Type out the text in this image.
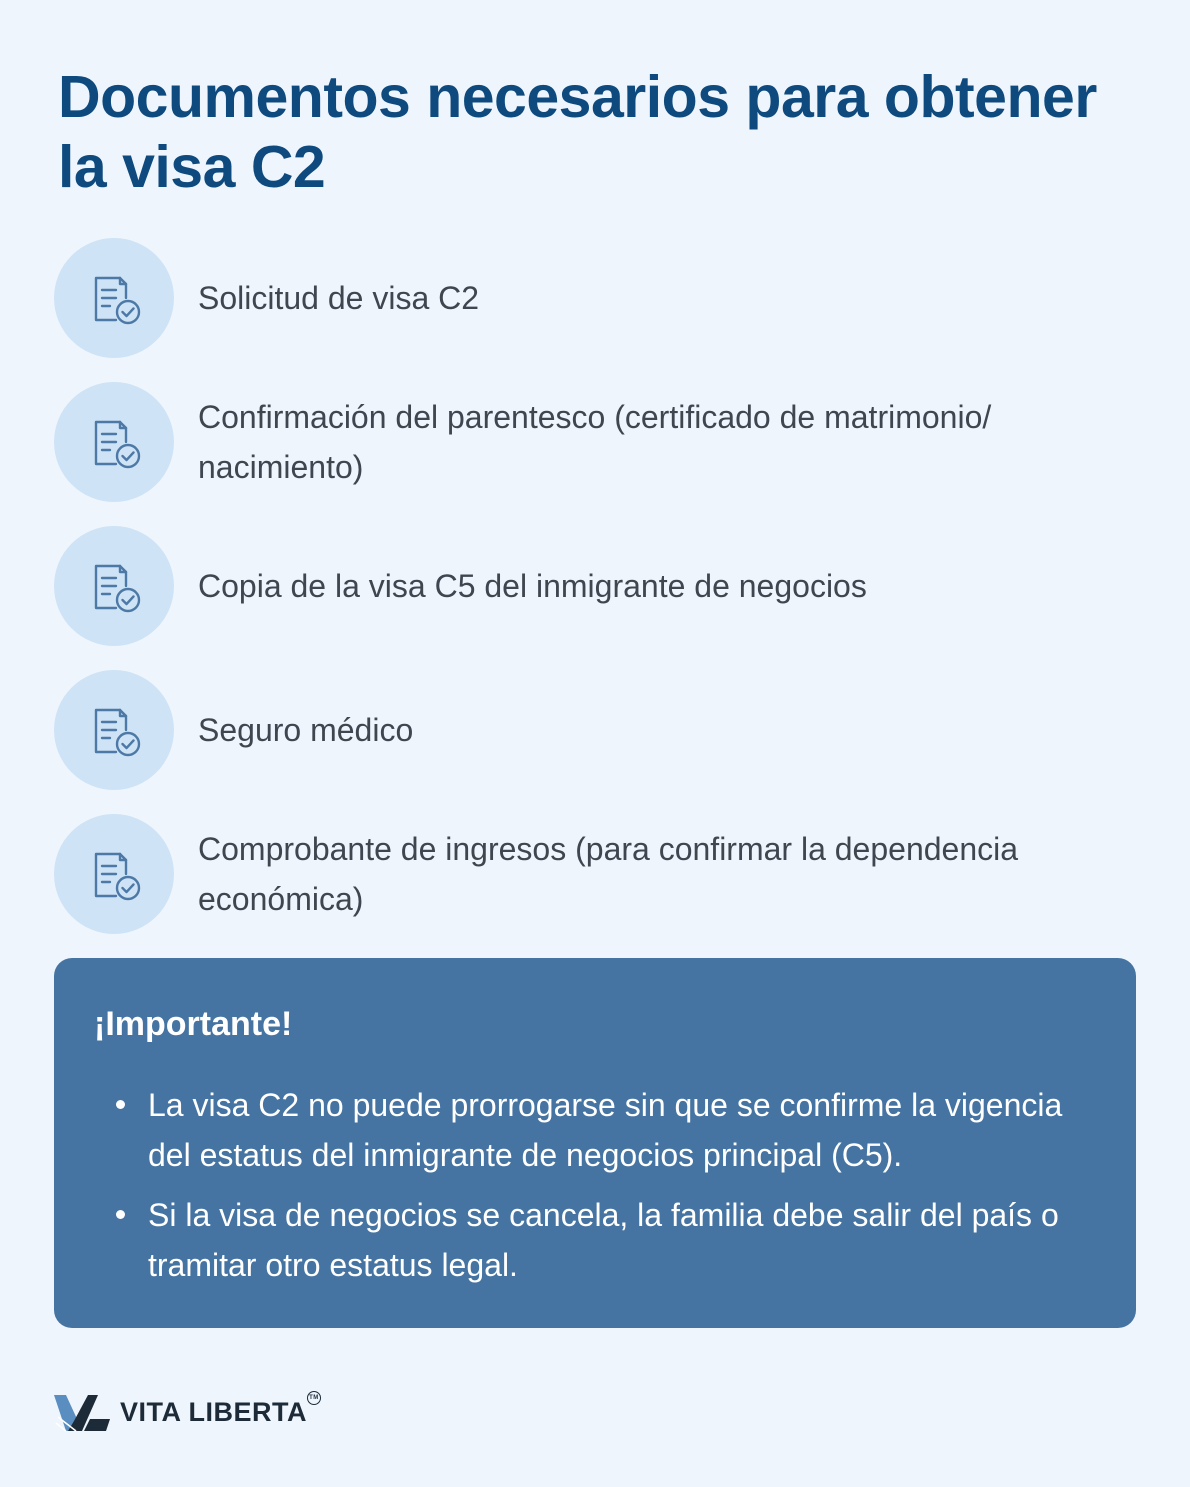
Documentos necesarios para obtener la visa C2
Solicitud de visa C2
Confirmación del parentesco (certificado de matrimonio/ nacimiento)
Copia de la visa C5 del inmigrante de negocios
Seguro médico
Comprobante de ingresos (para confirmar la dependencia económica)
¡Importante!
La visa C2 no puede prorrogarse sin que se confirme la vigencia del estatus del inmigrante de negocios principal (C5).
Si la visa de negocios se cancela, la familia debe salir del país o tramitar otro estatus legal.
VITA LIBERTA TM
